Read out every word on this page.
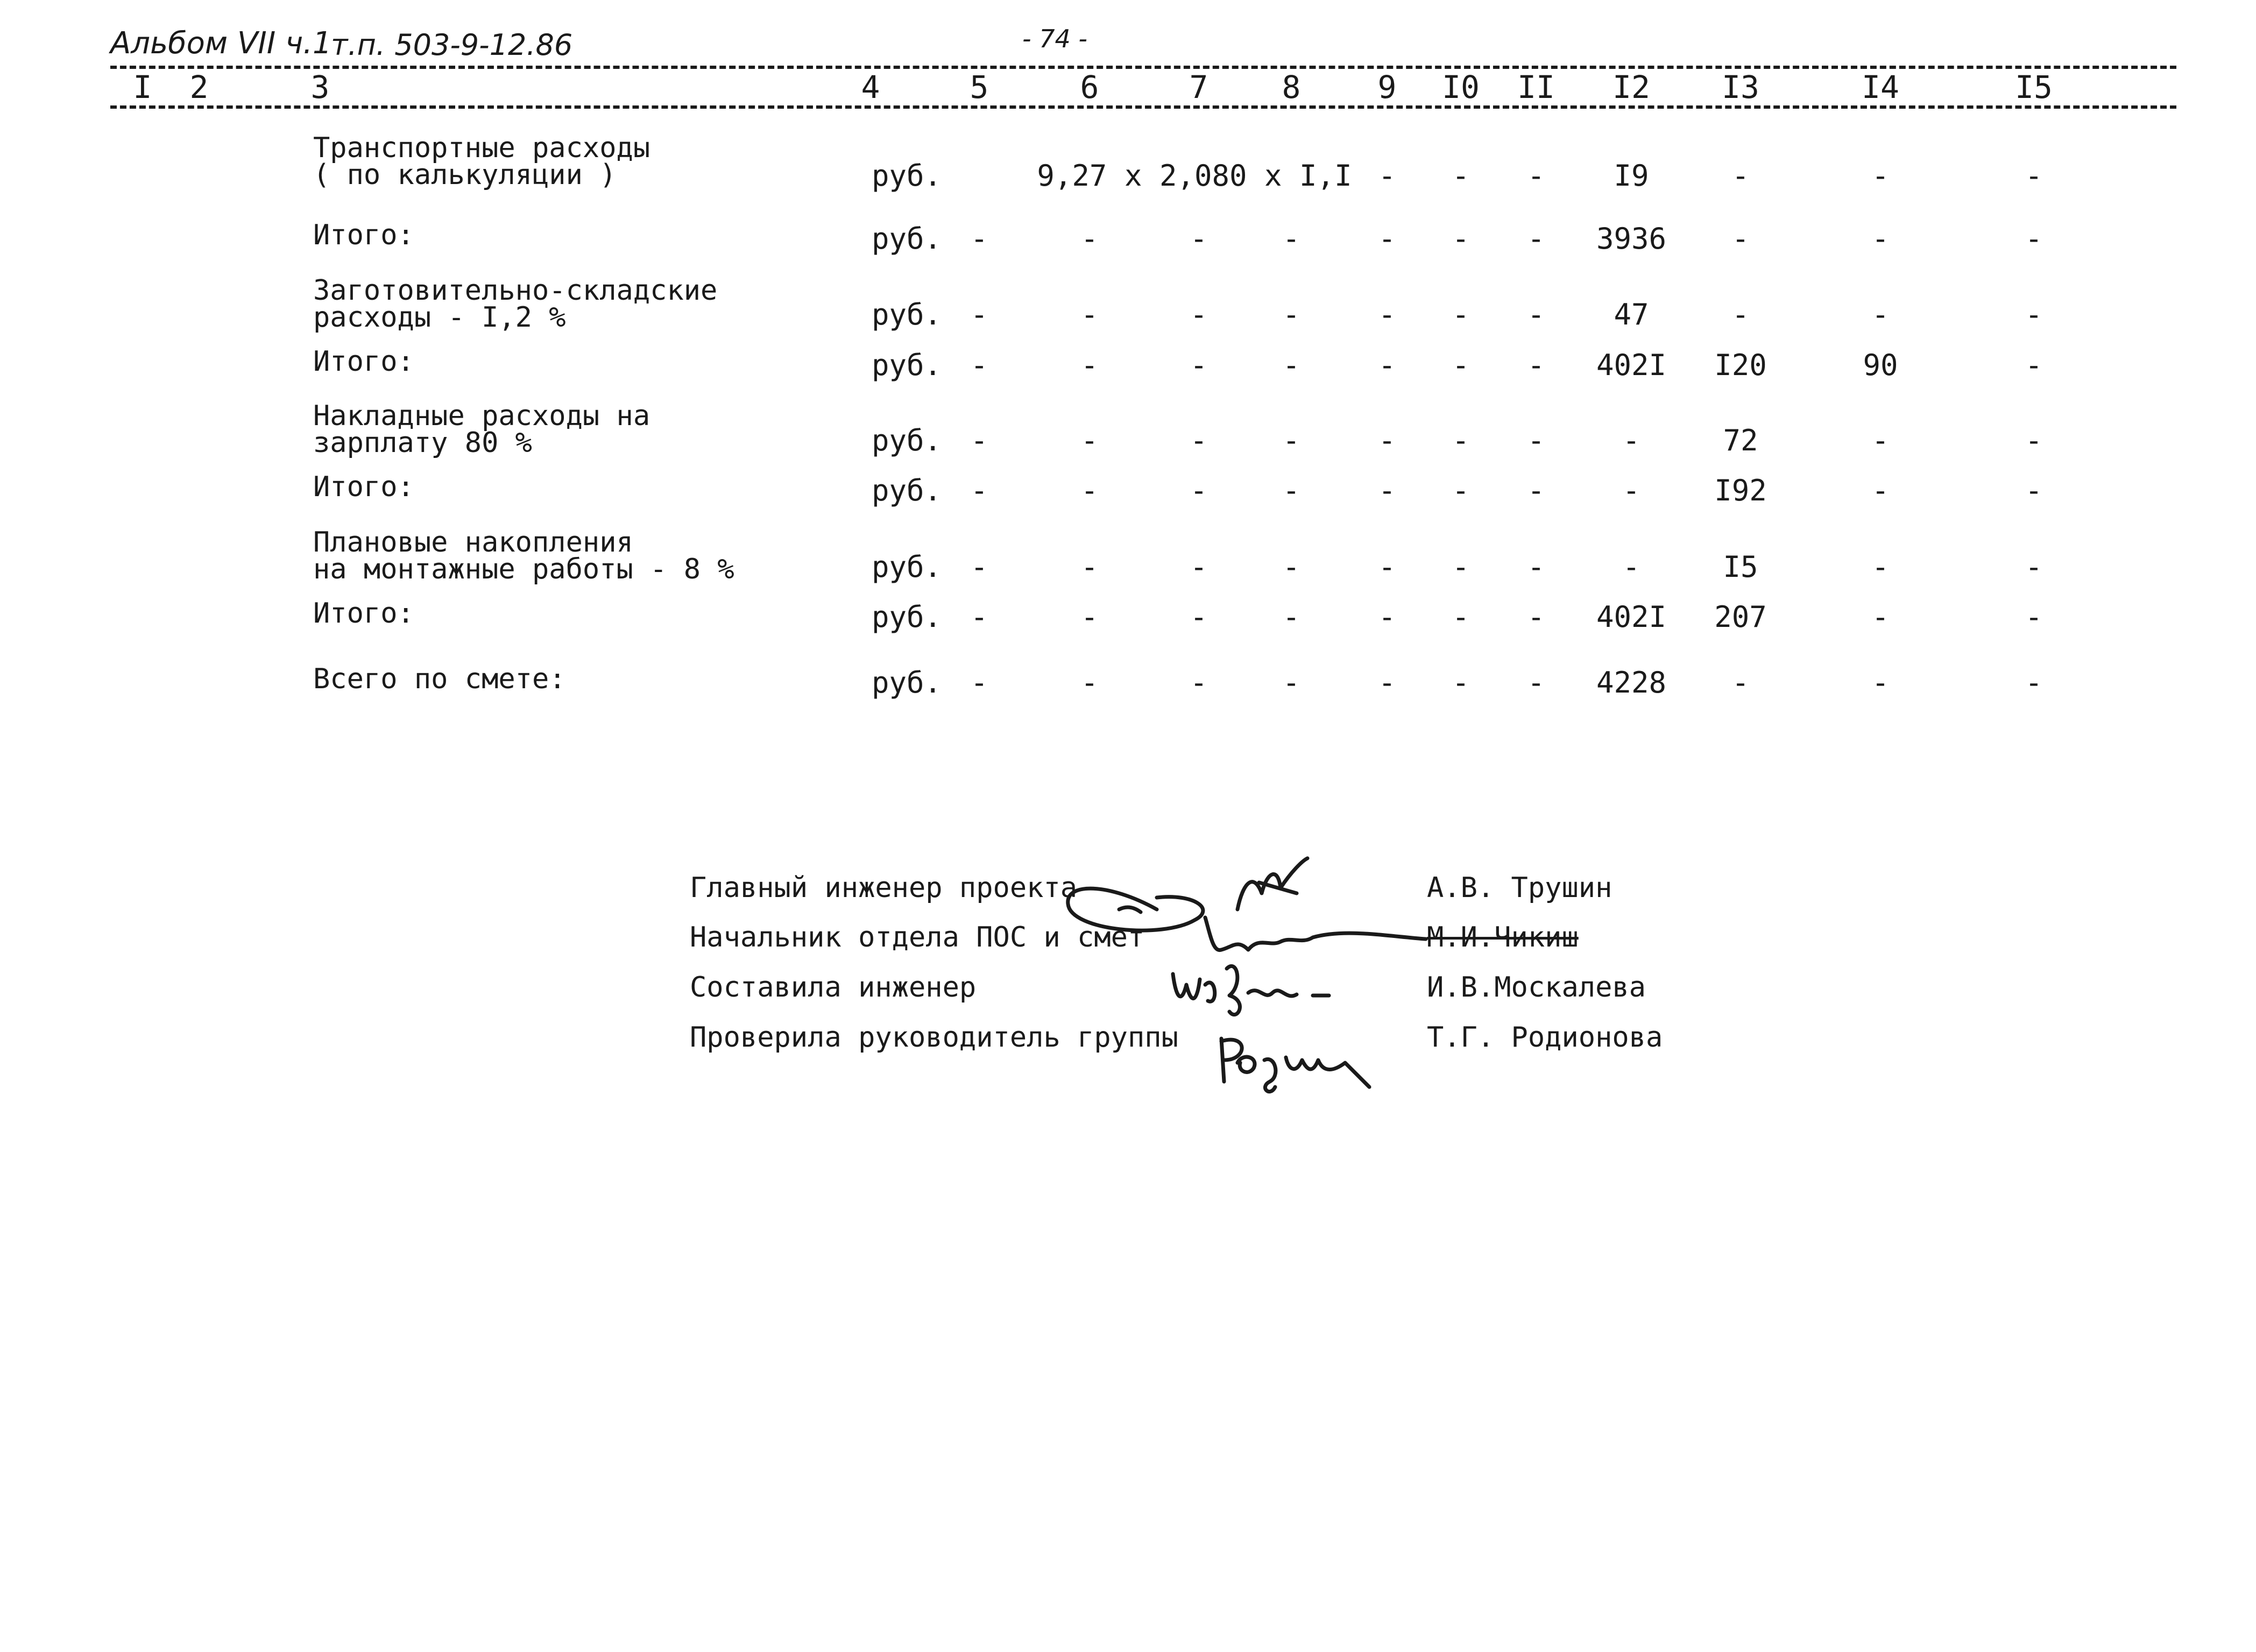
Альбом VII ч.1
т.п. 503-9-12.86	- 74 -
I 2	3	4	5	6	7 8 9 I0 II I2 I3	I4	I5
Транспортные расходы
( по калькуляции )	руб.	9,27 x 2,080 x I,I - - - I9	-	-	-
Итого:	руб. -	-	-	-	- - - 3936 -	-	-
Заготовительно-складские
расходы - I,2 %	руб. -	-	-	-	- - - 47	-	-	-
Итого:	руб. -	-	-	-	- - - 402I I20	90	-
Накладные расходы на
зарплату 80 %	руб. -	-	-	-	- - -	-	72	-	-
Итого:	руб. -	-	-	-	- - -	-	I92	-	-
Плановые накопления
на монтажные работы - 8 %	руб. -	-	-	-	- - -	-	I5	-	-
Итого:	руб. -	-	-	-	- - - 402I 207	-	-
Всего по смете:	руб. -	-	-	-	- - - 4228 -	-	-
Главный инженер проекта	А.В. Трушин
Начальник отдела ПОС и смет	М.И.Чикиш
Составила инженер	И.В.Москалева
Проверила руководитель группы	Т.Г. Родионова
